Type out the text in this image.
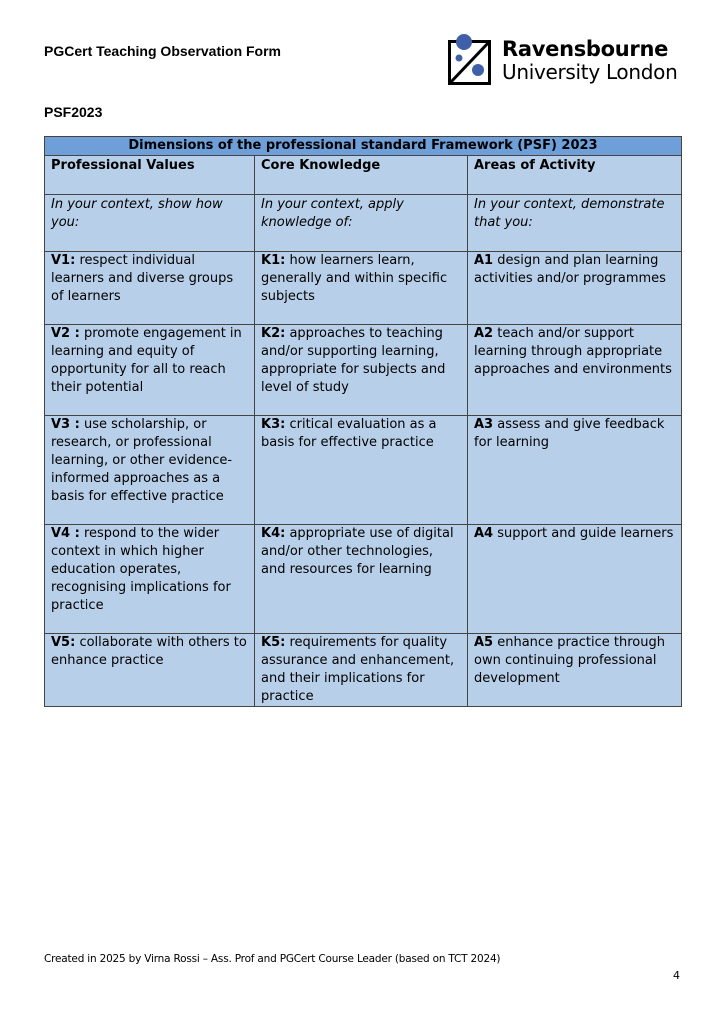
PGCert Teaching Observation Form	Ravensbourne
University London
PSF2023
Dimensions of the professional standard Framework (PSF) 2023		
Professional Values	Core Knowledge	Areas of Activity
In your context, show how you:	In your context, apply knowledge of:	In your context, demonstrate that you:
V1: respect individual learners and diverse groups of learners	K1: how learners learn, generally and within specific subjects	A1 design and plan learning activities and/or programmes
V2 : promote engagement in learning and equity of opportunity for all to reach their potential	K2: approaches to teaching and/or supporting learning, appropriate for subjects and level of study	A2 teach and/or support learning through appropriate approaches and environments
V3 : use scholarship, or research, or professional learning, or other evidence-informed approaches as a basis for effective practice	K3: critical evaluation as a basis for effective practice	A3 assess and give feedback for learning
V4 : respond to the wider context in which higher education operates, recognising implications for practice	K4: appropriate use of digital and/or other technologies, and resources for learning	A4 support and guide learners
V5: collaborate with others to enhance practice	K5: requirements for quality assurance and enhancement, and their implications for practice	A5 enhance practice through own continuing professional development
Created in 2025 by Virna Rossi – Ass. Prof and PGCert Course Leader (based on TCT 2024)
4
